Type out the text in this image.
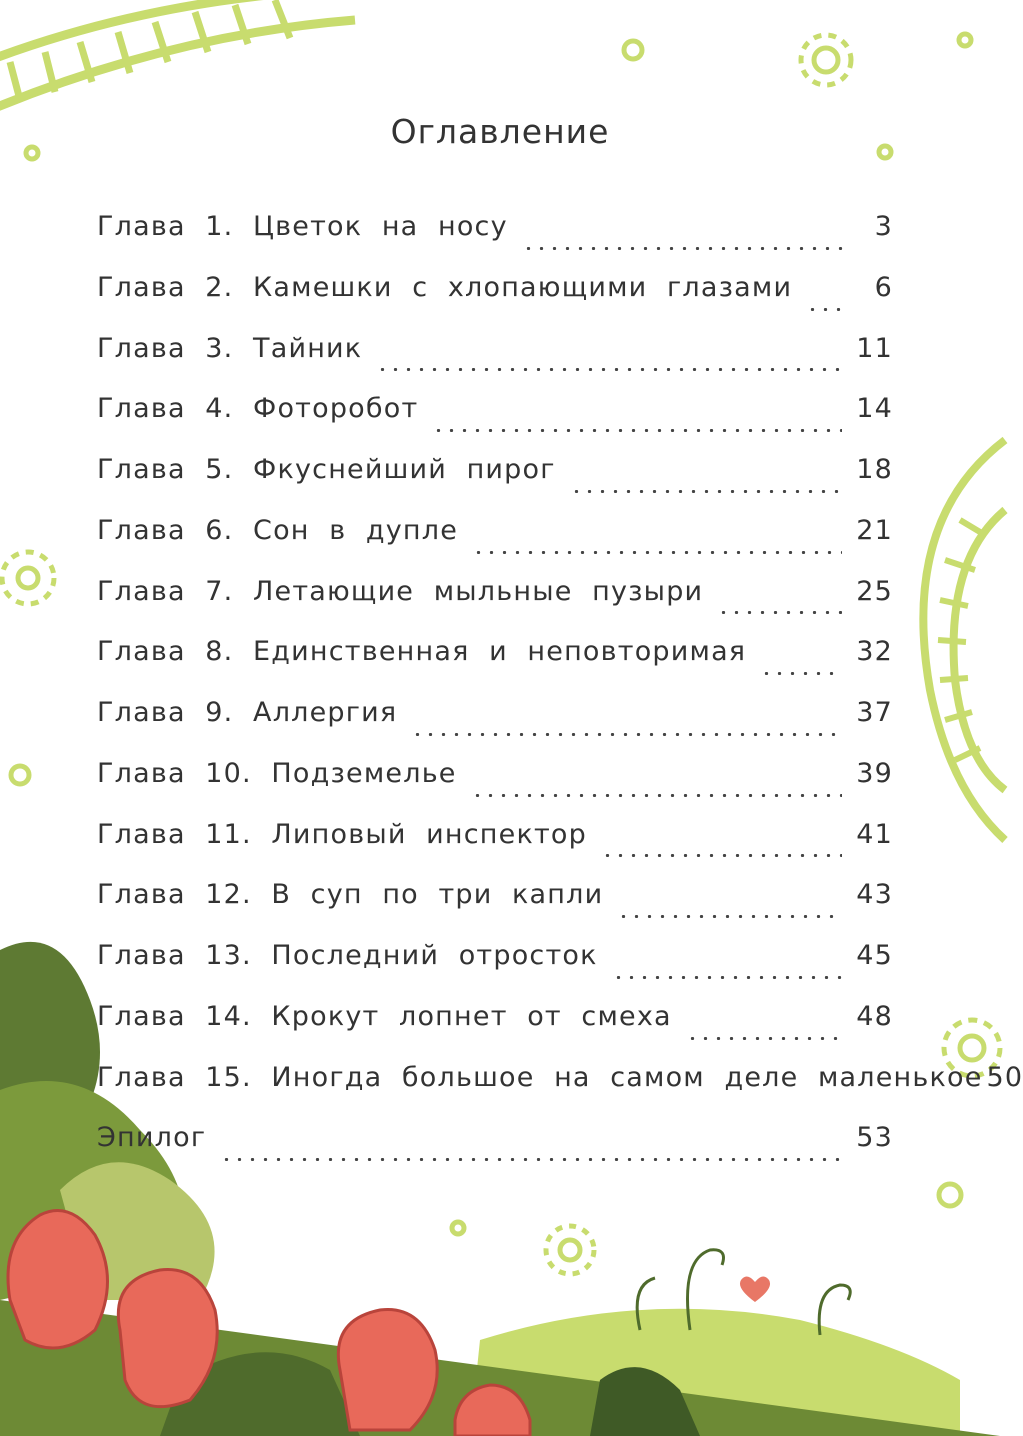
Оглавление
Глава  1.  Цветок  на  носу	3
Глава  2.  Камешки  с  хлопающими  глазами	6
Глава  3.  Тайник	11
Глава  4.  Фоторобот	14
Глава  5.  Фкуснейший  пирог	18
Глава  6.  Сон  в  дупле	21
Глава  7.  Летающие  мыльные  пузыри	25
Глава  8.  Единственная  и  неповторимая	32
Глава  9.  Аллергия	37
Глава  10.  Подземелье	39
Глава  11.  Липовый  инспектор	41
Глава  12.  В  суп  по  три  капли	43
Глава  13.  Последний  отросток	45
Глава  14.  Крокут  лопнет  от  смеха	48
Глава  15.  Иногда  большое  на  самом  деле  маленькое 50
Эпилог	53
